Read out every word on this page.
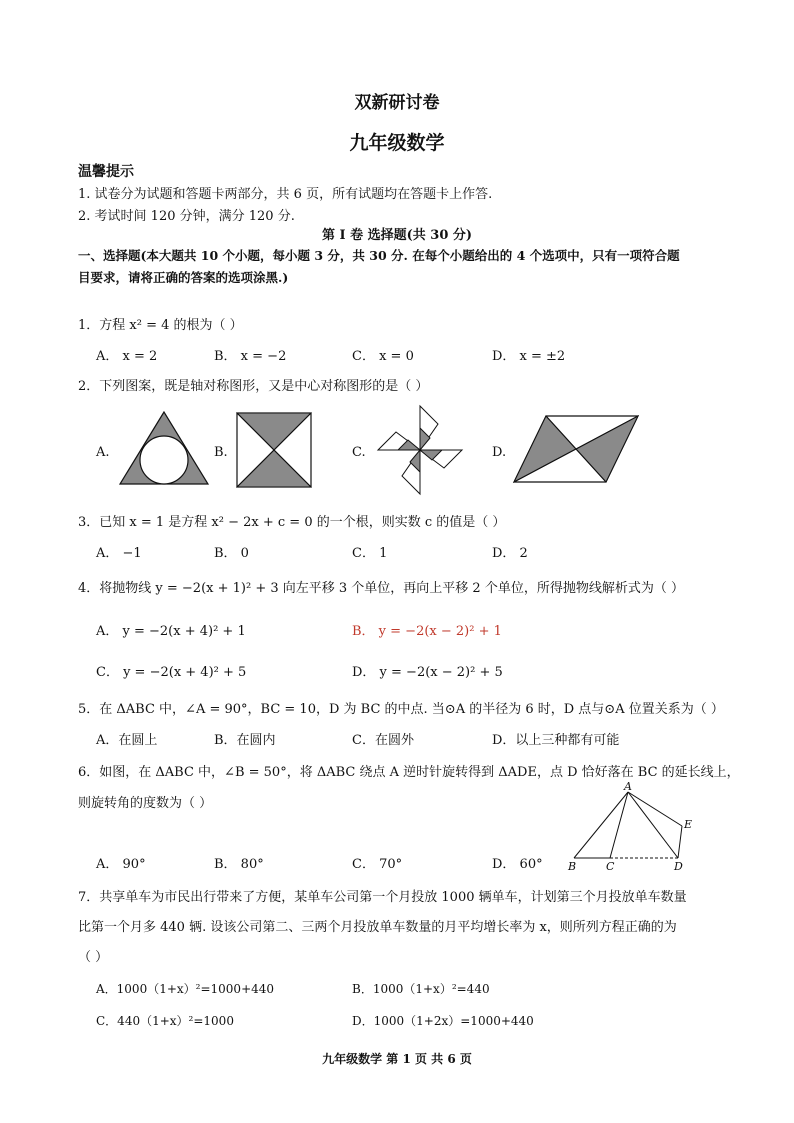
双新研讨卷
九年级数学
温馨提示
1. 试卷分为试题和答题卡两部分，共 6 页，所有试题均在答题卡上作答.
2. 考试时间 120 分钟，满分 120 分.
第 I 卷 选择题(共 30 分)
一、选择题(本大题共 10 个小题，每小题 3 分，共 30 分. 在每个小题给出的 4 个选项中，只有一项符合题
目要求，请将正确的答案的选项涂黑.)
1．方程 x² = 4 的根为（ ）
A． x = 2	B． x = −2	C． x = 0	D． x = ±2
2．下列图案，既是轴对称图形，又是中心对称图形的是（ ）
A.	B.	C.	D.
3．已知 x = 1 是方程 x² − 2x + c = 0 的一个根，则实数 c 的值是（ ）
A． −1	B． 0	C． 1	D． 2
4．将抛物线 y = −2(x + 1)² + 3 向左平移 3 个单位，再向上平移 2 个单位，所得抛物线解析式为（ ）
A． y = −2(x + 4)² + 1	B． y = −2(x − 2)² + 1
C． y = −2(x + 4)² + 5	D． y = −2(x − 2)² + 5
5．在 ΔABC 中，∠A = 90°，BC = 10，D 为 BC 的中点. 当⊙A 的半径为 6 时，D 点与⊙A 位置关系为（ ）
A．在圆上	B．在圆内	C．在圆外	D．以上三种都有可能
6．如图，在 ΔABC 中，∠B = 50°，将 ΔABC 绕点 A 逆时针旋转得到 ΔADE，点 D 恰好落在 BC 的延长线上，
则旋转角的度数为（ ）
A． 90°	B． 80°	C． 70°	D． 60°
A
B	C	D
E
7．共享单车为市民出行带来了方便，某单车公司第一个月投放 1000 辆单车，计划第三个月投放单车数量
比第一个月多 440 辆. 设该公司第二、三两个月投放单车数量的月平均增长率为 x，则所列方程正确的为
（ ）
A．1000（1+x）²=1000+440	B．1000（1+x）²=440
C．440（1+x）²=1000	D．1000（1+2x）=1000+440
九年级数学 第 1 页 共 6 页
